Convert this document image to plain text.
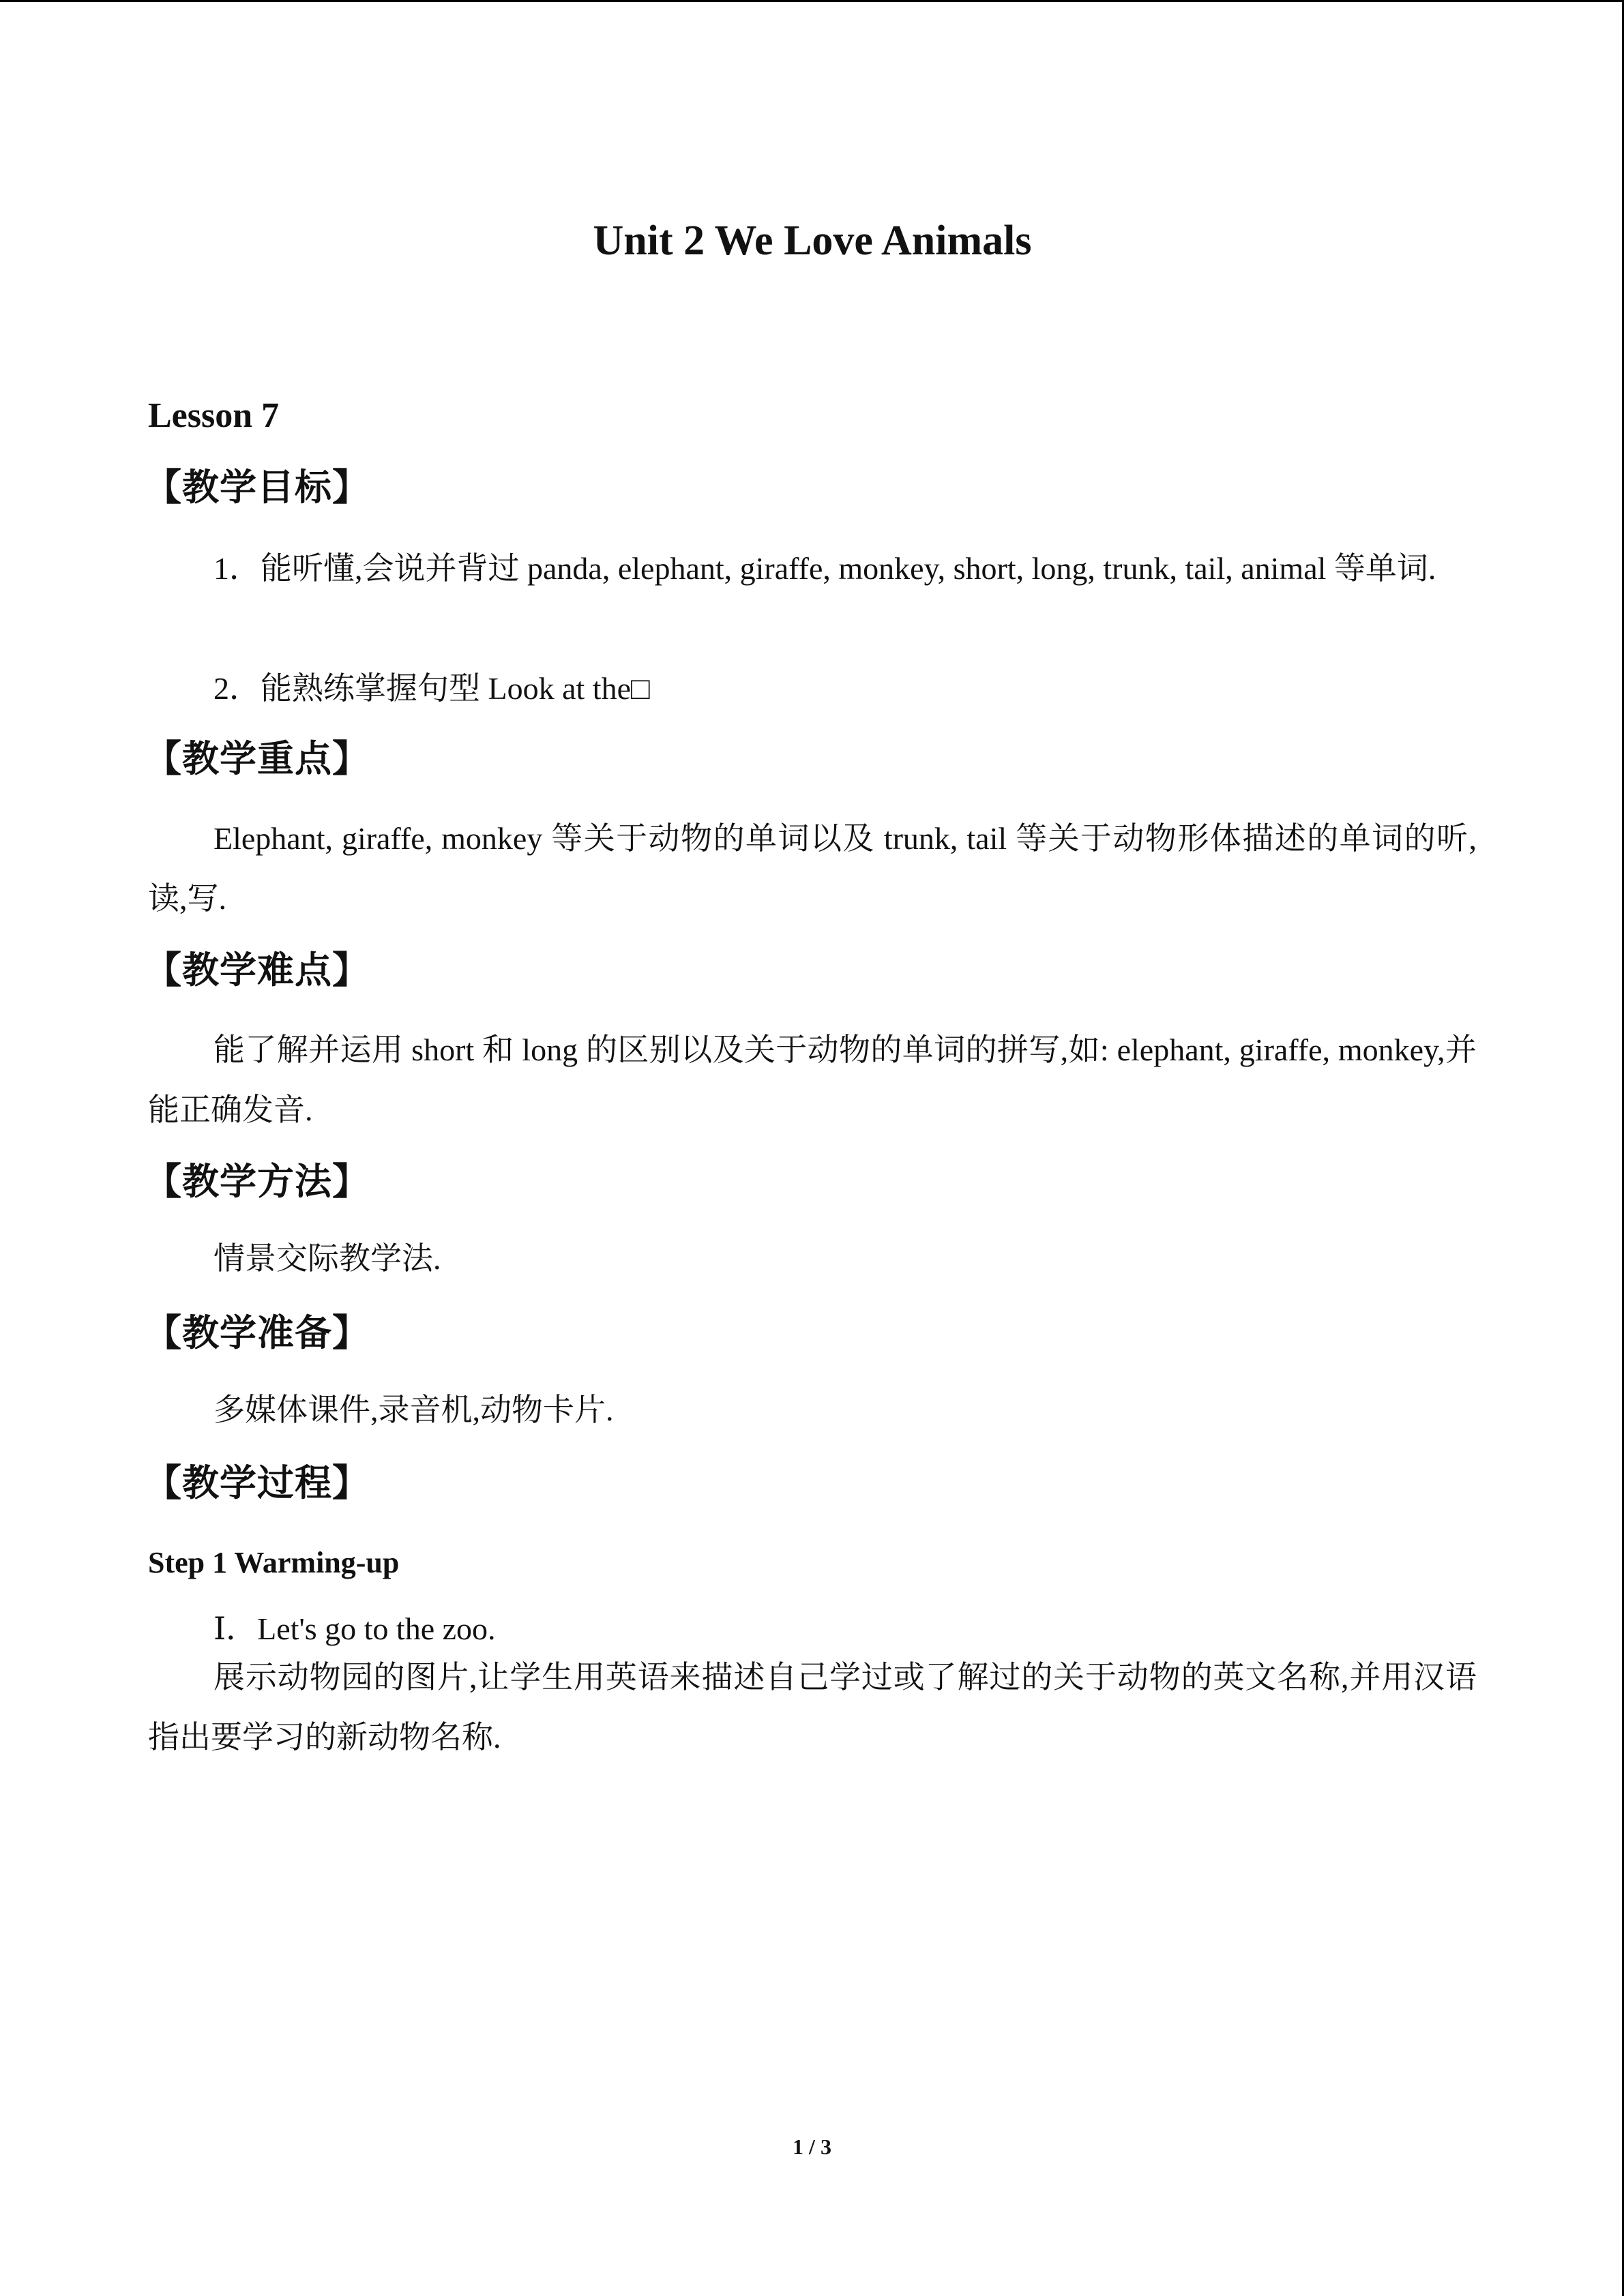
Unit 2 We Love Animals
Lesson 7
【教学目标】
1．能听懂,会说并背过 panda, elephant, giraffe, monkey, short, long, trunk, tail, animal 等单词.
2．能熟练掌握句型 Look at the□
【教学重点】
Elephant, giraffe, monkey 等关于动物的单词以及 trunk, tail 等关于动物形体描述的单词的听,读,写.
【教学难点】
能了解并运用 short 和 long 的区别以及关于动物的单词的拼写,如: elephant, giraffe, monkey,并能正确发音.
【教学方法】
情景交际教学法.
【教学准备】
多媒体课件,录音机,动物卡片.
【教学过程】
Step 1 Warming-up
Ⅰ．Let's go to the zoo.
展示动物园的图片,让学生用英语来描述自己学过或了解过的关于动物的英文名称,并用汉语指出要学习的新动物名称.
1 / 3
